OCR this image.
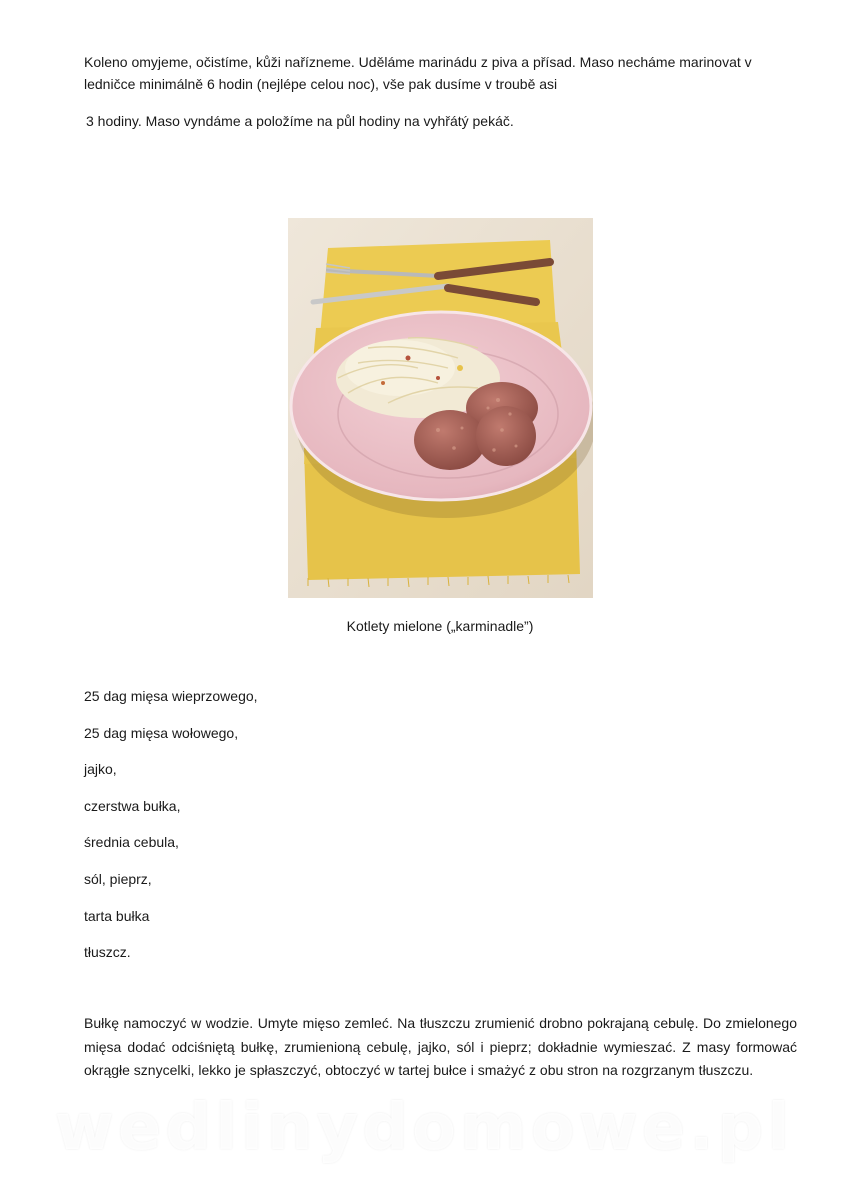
Koleno omyjeme, očistíme, kůži nařízneme. Uděláme marinádu z piva a přísad. Maso necháme marinovat v ledničce minimálně 6 hodin (nejlépe celou noc), vše pak dusíme v troubě asi

3 hodiny. Maso vyndáme a položíme na půl hodiny na vyhřátý pekáč.

Kotlety mielone („karminadle”)
25 dag mięsa wieprzowego,
25 dag mięsa wołowego,
jajko,
czerstwa bułka,
średnia cebula,
sól, pieprz,
tarta bułka
tłuszcz.

Bułkę namoczyć w wodzie. Umyte mięso zemleć. Na tłuszczu zrumienić drobno pokrajaną cebulę. Do zmielonego mięsa dodać odciśniętą bułkę, zrumienioną cebulę, jajko, sól i pieprz; dokładnie wymieszać. Z masy formować okrągłe sznycelki, lekko je spłaszczyć, obtoczyć w tartej bułce i smażyć z obu stron na rozgrzanym tłuszczu.

wedlinydomowe.pl
